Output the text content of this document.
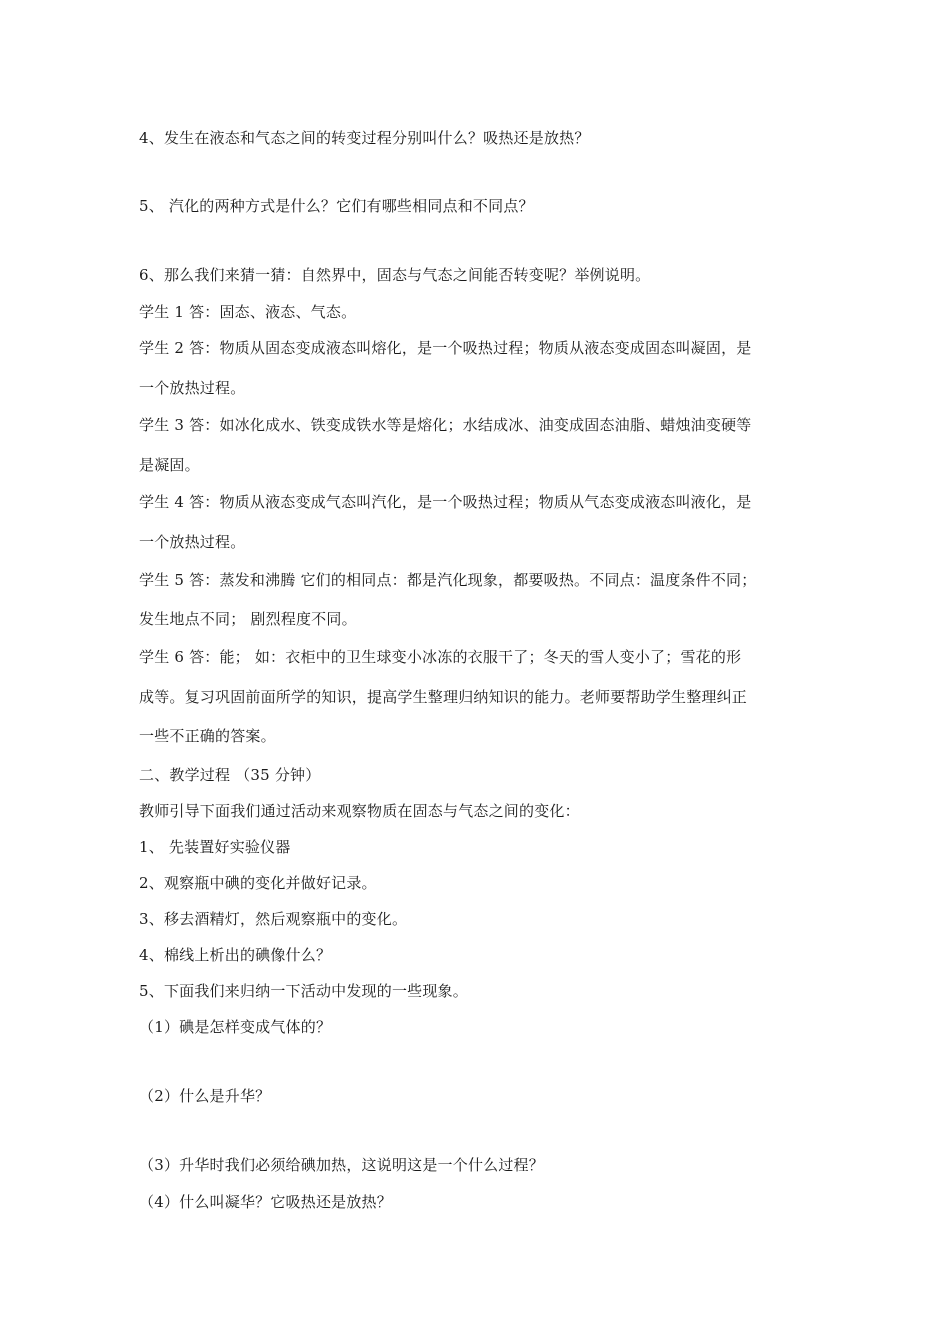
4、发生在液态和气态之间的转变过程分别叫什么？吸热还是放热？
5、 汽化的两种方式是什么？它们有哪些相同点和不同点？
6、那么我们来猜一猜：自然界中，固态与气态之间能否转变呢？举例说明。
学生 1 答：固态、液态、气态。
学生 2 答：物质从固态变成液态叫熔化，是一个吸热过程；物质从液态变成固态叫凝固，是
一个放热过程。
学生 3 答：如冰化成水、铁变成铁水等是熔化；水结成冰、油变成固态油脂、蜡烛油变硬等
是凝固。
学生 4 答：物质从液态变成气态叫汽化，是一个吸热过程；物质从气态变成液态叫液化，是
一个放热过程。
学生 5 答：蒸发和沸腾 它们的相同点：都是汽化现象，都要吸热。不同点：温度条件不同；
发生地点不同； 剧烈程度不同。
学生 6 答：能； 如：衣柜中的卫生球变小冰冻的衣服干了；冬天的雪人变小了；雪花的形
成等。复习巩固前面所学的知识，提高学生整理归纳知识的能力。老师要帮助学生整理纠正
一些不正确的答案。
二、教学过程 （35 分钟）
教师引导下面我们通过活动来观察物质在固态与气态之间的变化：
1、 先装置好实验仪器
2、观察瓶中碘的变化并做好记录。
3、移去酒精灯，然后观察瓶中的变化。
4、棉线上析出的碘像什么？
5、下面我们来归纳一下活动中发现的一些现象。
（1）碘是怎样变成气体的？
（2）什么是升华？
（3）升华时我们必须给碘加热，这说明这是一个什么过程？
（4）什么叫凝华？它吸热还是放热？
